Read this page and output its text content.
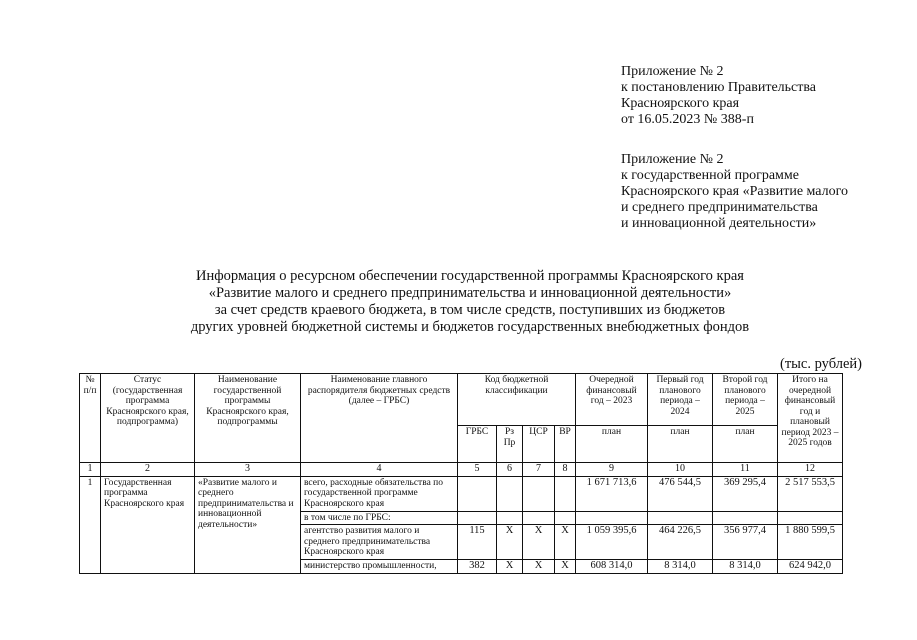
Приложение № 2
к постановлению Правительства
Красноярского края
от 16.05.2023 № 388-п
Приложение № 2
к государственной программе
Красноярского края «Развитие малого
и среднего предпринимательства
и инновационной деятельности»
Информация о ресурсном обеспечении государственной программы Красноярского края
«Развитие малого и среднего предпринимательства и инновационной деятельности»
за счет средств краевого бюджета, в том числе средств, поступивших из бюджетов
других уровней бюджетной системы и бюджетов государственных внебюджетных фондов
(тыс. рублей)
№ п/п	Статус (государственная программа Красноярского края, подпрограмма)	Наименование государственной программы Красноярского края, подпрограммы	Наименование главного распорядителя бюджетных средств (далее – ГРБС)	Код бюджетной классификации				Очередной финансовый год – 2023	Первый год планового периода – 2024	Второй год планового периода – 2025	Итого на очередной финансовый год и плановый период 2023 – 2025 годов
				ГРБС	Рз Пр	ЦСР	ВР	план	план	план	
1	2	3	4	5	6	7	8	9	10	11	12
1	Государственная программа Красноярского края	«Развитие малого и среднего предпринимательства и инновационной деятельности»	всего, расходные обязательства по государственной программе Красноярского края					1 671 713,6	476 544,5	369 295,4	2 517 553,5
			в том числе по ГРБС:								
			агентство развития малого и среднего предпринимательства Красноярского края	115	Х	Х	Х	1 059 395,6	464 226,5	356 977,4	1 880 599,5
			министерство промышленности,	382	Х	Х	Х	608 314,0	8 314,0	8 314,0	624 942,0
